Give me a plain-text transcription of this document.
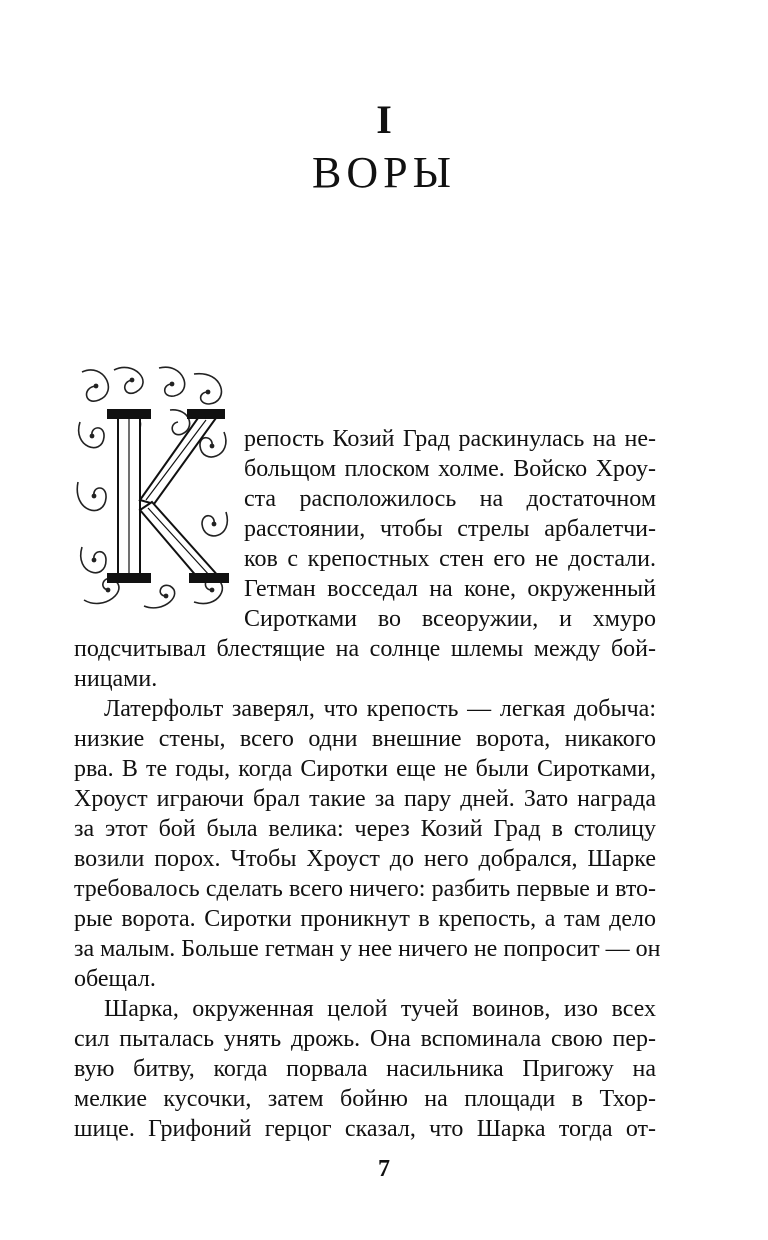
I
ВОРЫ
репость Козий Град раскинулась на не-
больщом плоском холме. Войско Хроу-
ста расположилось на достаточном
расстоянии, чтобы стрелы арбалетчи-
ков с крепостных стен его не достали.
Гетман восседал на коне, окруженный
Сиротками во всеоружии, и хмуро
подсчитывал блестящие на солнце шлемы между бой-
ницами.
Латерфольт заверял, что крепость — легкая добыча:
низкие стены, всего одни внешние ворота, никакого
рва. В те годы, когда Сиротки еще не были Сиротками,
Хроуст играючи брал такие за пару дней. Зато награда
за этот бой была велика: через Козий Град в столицу
возили порох. Чтобы Хроуст до него добрался, Шарке
требовалось сделать всего ничего: разбить первые и вто-
рые ворота. Сиротки проникнут в крепость, а там дело
за малым. Больше гетман у нее ничего не попросит — он
обещал.
Шарка, окруженная целой тучей воинов, изо всех
сил пыталась унять дрожь. Она вспоминала свою пер-
вую битву, когда порвала насильника Пригожу на
мелкие кусочки, затем бойню на площади в Тхор-
шице. Грифоний герцог сказал, что Шарка тогда от-
7
